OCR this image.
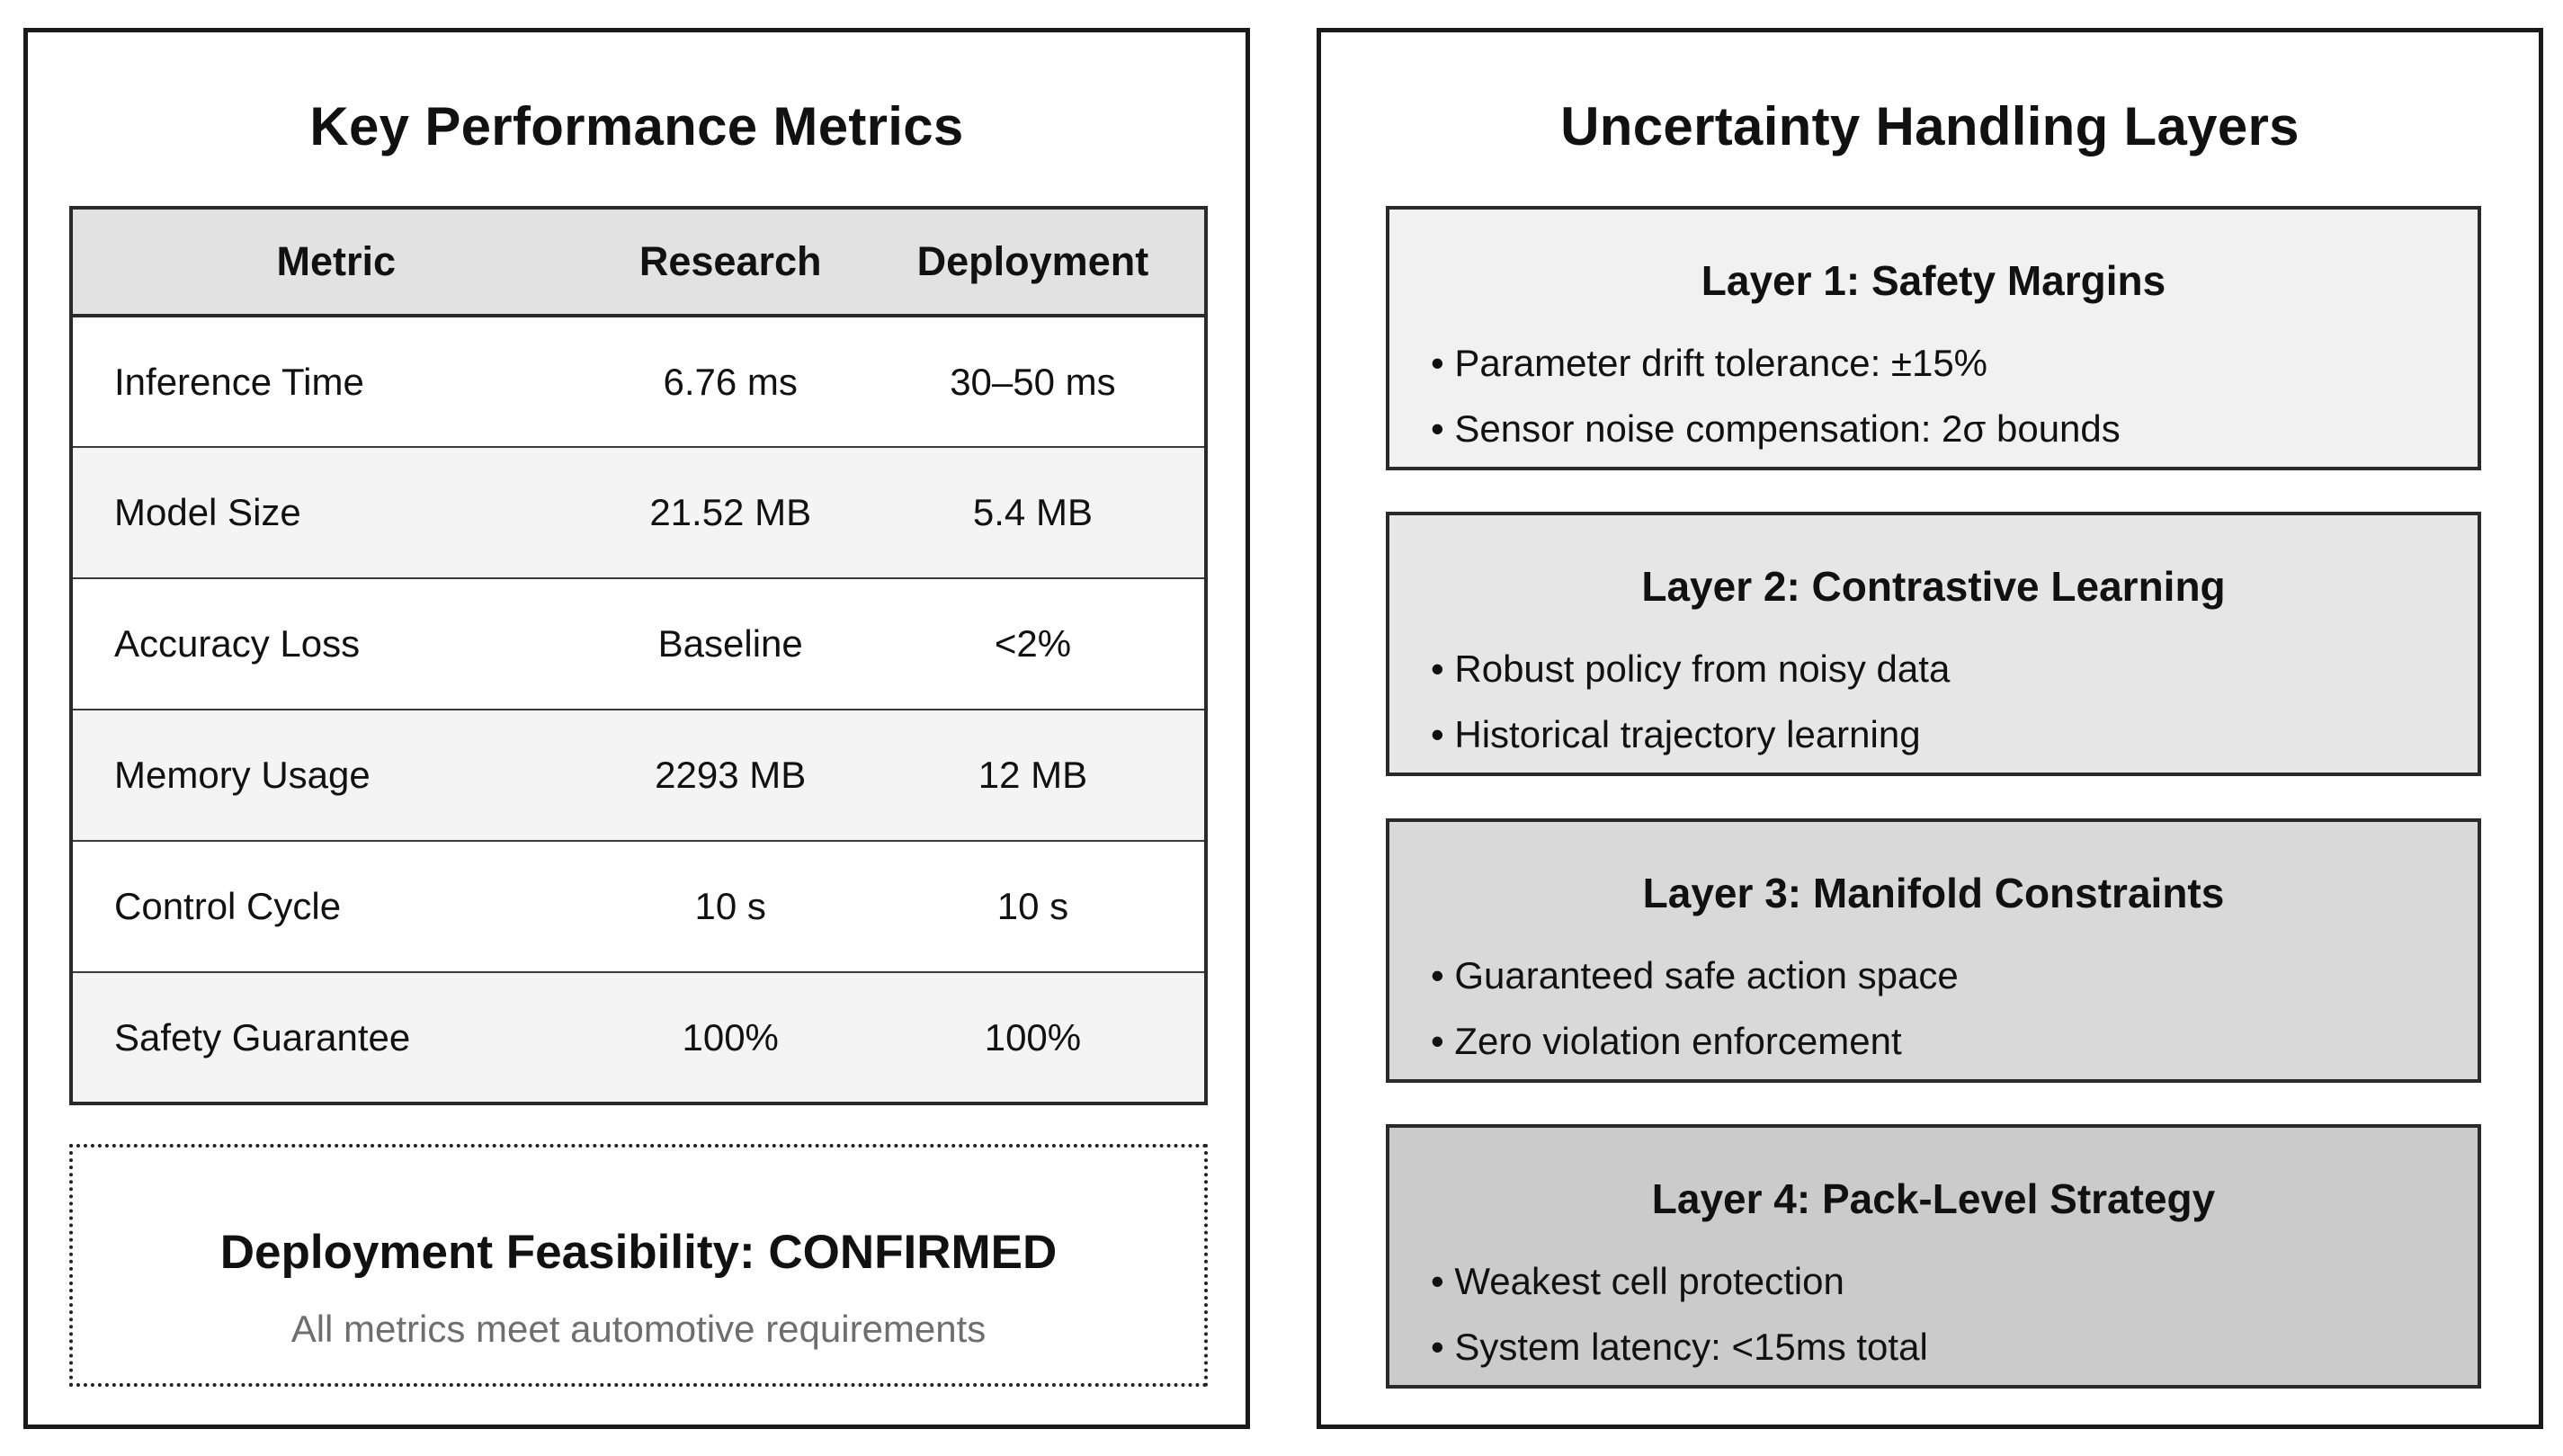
Key Performance Metrics
Metric	Research	Deployment
Inference Time	6.76 ms	30–50 ms
Model Size	21.52 MB	5.4 MB
Accuracy Loss	Baseline	<2%
Memory Usage	2293 MB	12 MB
Control Cycle	10 s	10 s
Safety Guarantee	100%	100%
Deployment Feasibility: CONFIRMED
All metrics meet automotive requirements
Uncertainty Handling Layers
Layer 1: Safety Margins
• Parameter drift tolerance: ±15%
• Sensor noise compensation: 2σ bounds
Layer 2: Contrastive Learning
• Robust policy from noisy data
• Historical trajectory learning
Layer 3: Manifold Constraints
• Guaranteed safe action space
• Zero violation enforcement
Layer 4: Pack-Level Strategy
• Weakest cell protection
• System latency: <15ms total
